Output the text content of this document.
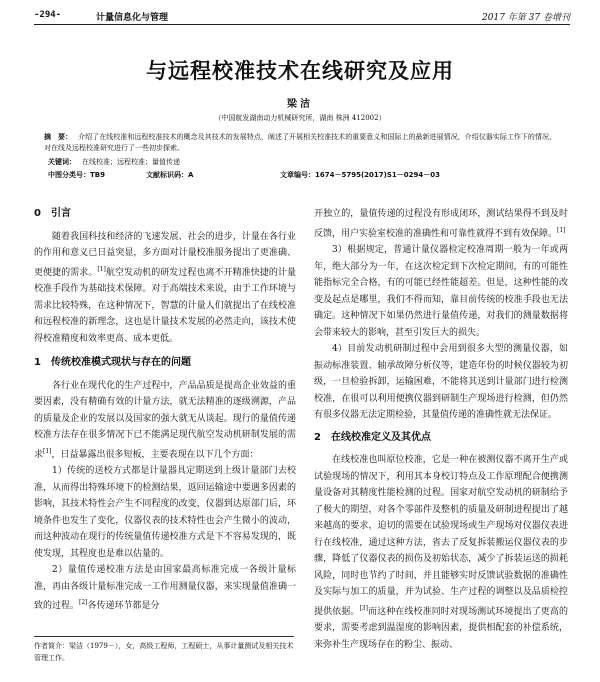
-294-	计量信息化与管理	2017 年第 37 卷增刊
与远程校准技术在线研究及应用
梁洁
（中国航发湖南动力机械研究所，湖南 株洲 412002）
摘　要： 介绍了在线校准和远程校准技术的概念及其技术的发展特点，阐述了开展相关校准技术的重要意义和国际上的最新进展情况，介绍仪器实际工作下的情况，对在线及远程校准研究进行了一些初步探索。
关键词： 在线校准；远程校准；量值传递
中图分类号：TB9	文献标识码：A	文章编号：1674－5795(2017)S1－0294－03
0　引言

随着我国科技和经济的飞速发展、社会的进步，计量在各行业的作用和意义已日益突显，多方面对计量校准服务提出了更准确、更便捷的需求。[1]航空发动机的研发过程也离不开精准快捷的计量校准手段作为基础技术保障。对于高端技术来说，由于工作环境与需求比较特殊，在这种情况下，智慧的计量人们就提出了在线校准和远程校准的新理念，这也是计量技术发展的必然走向，该技术使得校准精度和效率更高、成本更低。

1　传统校准模式现状与存在的问题

各行业在现代化的生产过程中，产品品质是提高企业效益的重要因素，没有精确有效的计量方法，就无法精准的逐级溯源，产品的质量及企业的发展以及国家的强大就无从谈起。现行的量值传递校准方法存在很多情况下已不能满足现代航空发动机研制发展的需求[1]，日益暴露出很多短板，主要表现在以下几个方面：

1）传统的送校方式都是计量器具定期送到上级计量部门去校准，从而得出特殊环境下的检测结果，返回运输途中要遇多因素的影响，其技术特性会产生不同程度的改变，仪器到达原部门后，环境条件也发生了变化，仪器仪表的技术特性也会产生微小的波动，而这种波动在现行的传统量值传递校准方式是下不容易发现的，既使发现，其程度也是难以估量的。

2）量值传递校准方法是由国家最高标准完成一各级计量标准，再由各级计量标准完成一工作用测量仪器，来实现量值准确一致的过程。[2]各传递环节都是分

开独立的，量值传递的过程没有形成闭环，测试结果得不到及时反馈，用户实验室校准的准确性和可靠性就得不到有效保障。[1]

3）根据规定，普通计量仪器检定校准周期一般为一年或两年，绝大部分为一年，在这次检定到下次检定期间，有的可能性能指标完全合格，有的可能已经性能超差。但是，这种性能的改变及起点是哪里，我们不得而知，靠目前传统的校准手段也无法确定。这种情况下如果仍然进行量值传递，对我们的测量数据将会带来较大的影响，甚至引发巨大的损失。

4）目前发动机研制过程中会用到很多大型的测量仪器，如振动标准装置、轴承故障分析仪等，建造年份的时候仪器较为初级，一旦检验拆卸，运输困难，不能将其送到计量部门进行检测校准，在很可以利用便携仪器到研制生产现场进行检测，但仍然有很多仪器无法定期检验，其量值传递的准确性就无法保证。

2　在线校准定义及其优点

在线校准也叫原位校准，它是一种在被测仪器不离开生产或试验现场的情况下，利用其本身校订特点及工作原理配合便携测量设备对其精度性能检测的过程。国家对航空发动机的研制给予了极大的期望，对各个零部件及整机的质量及研制进程提出了越来越高的要求，迫切的需要在试验现场或生产现场对仪器仪表进行在线校准，通过这种方法，省去了反复拆装搬运仪器仪表的步骤，降低了仪器仪表的损伤及初始状态，减少了拆装运送的损耗风险，同时也节约了时间，并且能够实时反馈试验数据的准确性及实际与加工的质量，并为试验、生产过程的调整以及品质检控提供依据。[3]而这种在线校准同时对现场测试环境提出了更高的要求，需要考虑到温湿度的影响因素，提供相配套的补偿系统，来弥补生产现场存在的粉尘、振动、

作者简介：梁洁（1979－），女，高级工程师，工程硕士，从事计量测试及相关技术管理工作。
